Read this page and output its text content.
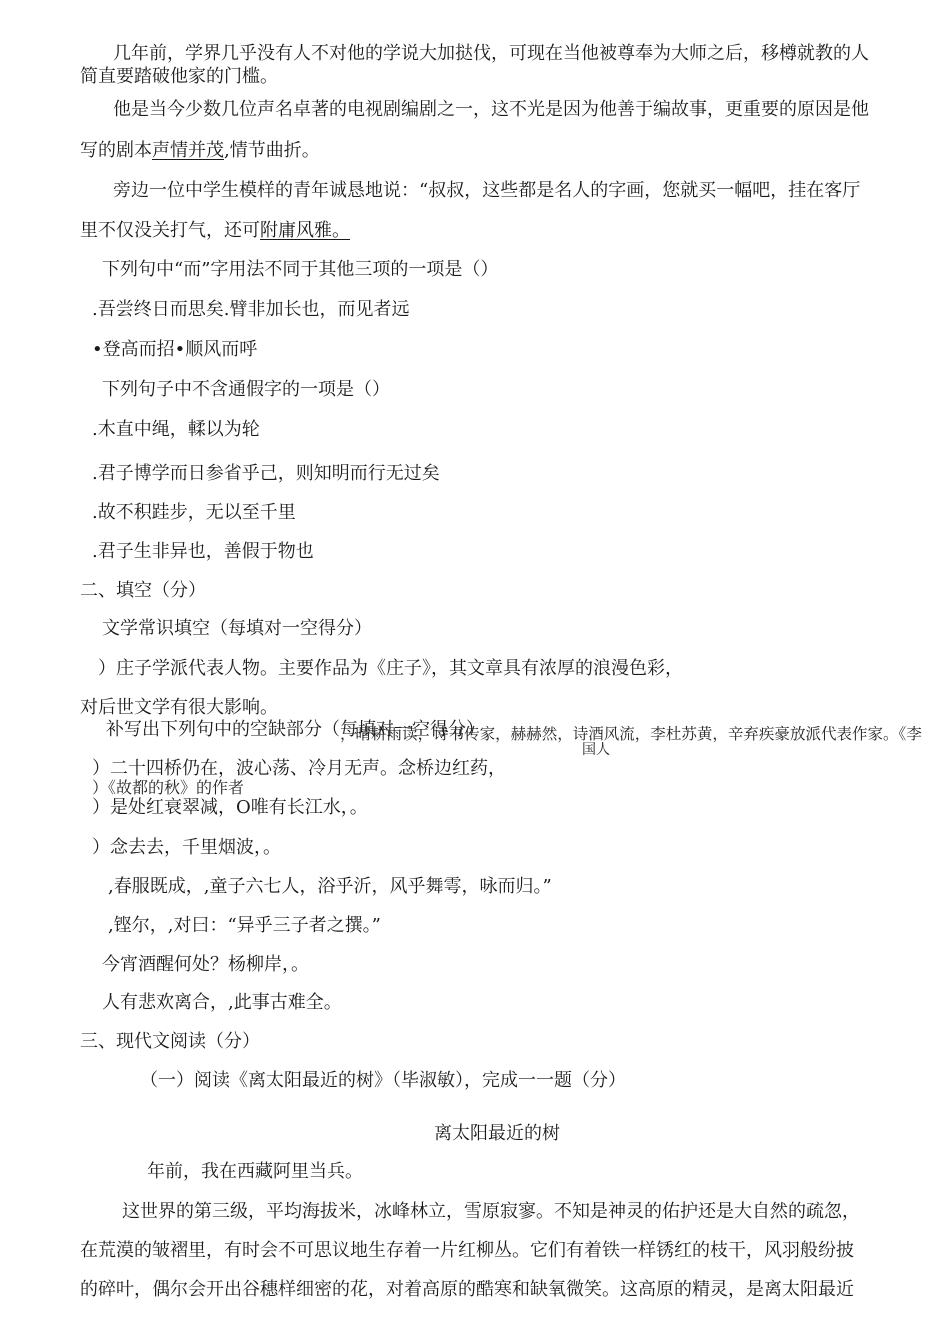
几年前，学界几乎没有人不对他的学说大加挞伐，可现在当他被尊奉为大师之后，移樽就教的人
简直要踏破他家的门槛。
他是当今少数几位声名卓著的电视剧编剧之一，这不光是因为他善于编故事，更重要的原因是他
写的剧本声情并茂,情节曲折。
旁边一位中学生模样的青年诚恳地说：“叔叔，这些都是名人的字画，您就买一幅吧，挂在客厅
里不仅没关打气，还可附庸风雅。
下列句中“而”字用法不同于其他三项的一项是（）
.吾尝终日而思矣.臂非加长也，而见者远
•登高而招•顺风而呼
下列句子中不含通假字的一项是（）
.木直中绳，輮以为轮
.君子博学而日参省乎己，则知明而行无过矣
.故不积跬步，无以至千里
.君子生非异也，善假于物也
二、填空（分）
文学常识填空（每填对一空得分）
）庄子学派代表人物。主要作品为《庄子》，其文章具有浓厚的浪漫色彩，
对后世文学有很大影响。
补写出下列句中的空缺部分（每填对一空得分）
，晴耕雨读，诗书传家，赫赫然，诗酒风流，李杜苏黄，辛弃疾豪放派代表作家。《李
国人
）二十四桥仍在，波心荡、冷月无声。念桥边红药，
）《故都的秋》的作者
）是处红衰翠减，O唯有长江水，。
）念去去，千里烟波，。
,春服既成，,童子六七人，浴乎沂，风乎舞雩，咏而归。”
,铿尔，,对曰：“异乎三子者之撰。”
今宵酒醒何处？杨柳岸，。
人有悲欢离合，,此事古难全。
三、现代文阅读（分）
（一）阅读《离太阳最近的树》（毕淑敏），完成一一题（分）
离太阳最近的树
年前，我在西藏阿里当兵。
这世界的第三级，平均海拔米，冰峰林立，雪原寂寥。不知是神灵的佑护还是大自然的疏忽，
在荒漠的皱褶里，有时会不可思议地生存着一片红柳丛。它们有着铁一样锈红的枝干，风羽般纷披
的碎叶，偶尔会开出谷穗样细密的花，对着高原的酷寒和缺氧微笑。这高原的精灵，是离太阳最近
